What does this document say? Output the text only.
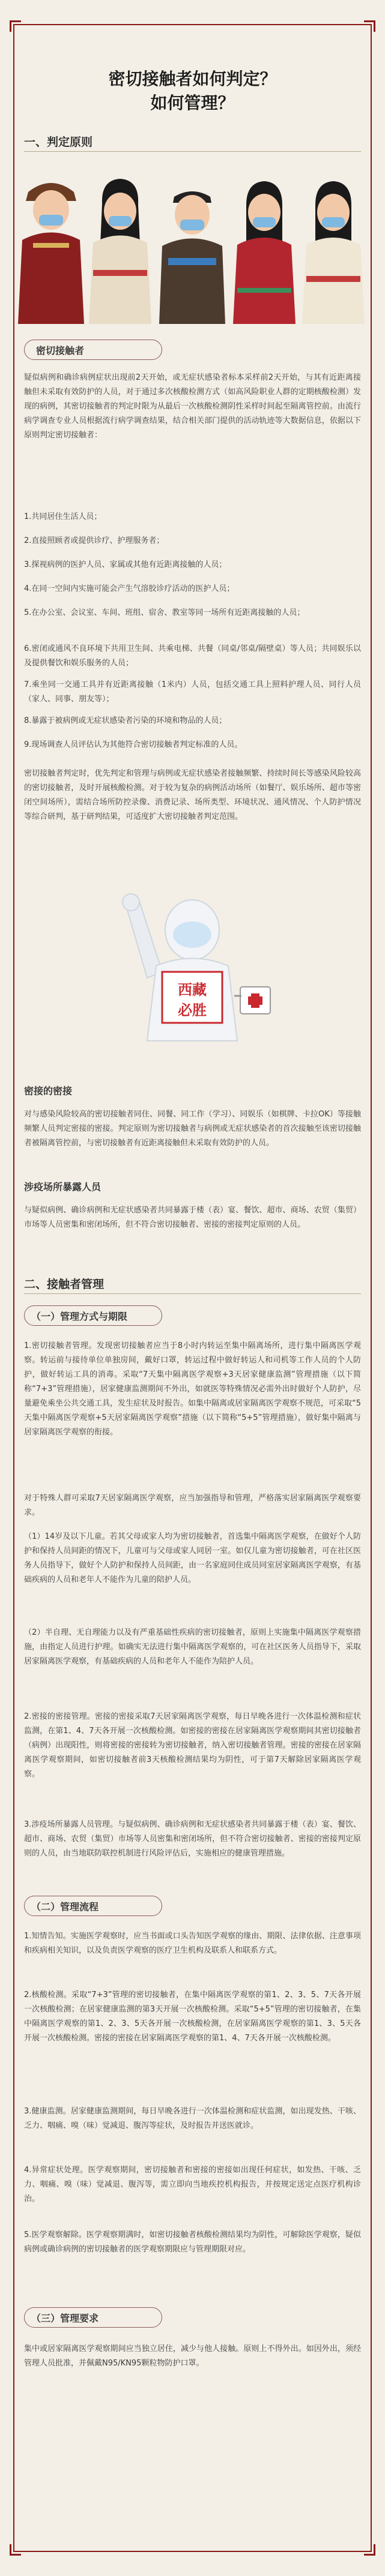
密切接触者如何判定？
如何管理？
一、判定原则
密切接触者

疑似病例和确诊病例症状出现前2天开始，或无症状感染者标本采样前2天开始，与其有近距离接触但未采取有效防护的人员，对于通过多次核酸检测方式（如高风险职业人群的定期核酸检测）发现的病例，其密切接触者的判定时限为从最后一次核酸检测阴性采样时间起至隔离管控前。由流行病学调查专业人员根据流行病学调查结果，结合相关部门提供的活动轨迹等大数据信息，依据以下原则判定密切接触者：

1.共同居住生活人员；

2.直接照顾者或提供诊疗、护理服务者；

3.探视病例的医护人员、家属或其他有近距离接触的人员；

4.在同一空间内实施可能会产生气溶胶诊疗活动的医护人员；

5.在办公室、会议室、车间、班组、宿舍、教室等同一场所有近距离接触的人员；

6.密闭或通风不良环境下共用卫生间、共乘电梯、共餐（同桌/邻桌/隔壁桌）等人员；共同娱乐以及提供餐饮和娱乐服务的人员；

7.乘坐同一交通工具并有近距离接触（1米内）人员，包括交通工具上照料护理人员、同行人员（家人、同事、朋友等）；

8.暴露于被病例或无症状感染者污染的环境和物品的人员；

9.现场调查人员评估认为其他符合密切接触者判定标准的人员。

密切接触者判定时，优先判定和管理与病例或无症状感染者接触频繁、持续时间长等感染风险较高的密切接触者，及时开展核酸检测。对于较为复杂的病例活动场所（如餐厅、娱乐场所、超市等密闭空间场所），需结合场所防控录像、消费记录、场所类型、环境状况、通风情况、个人防护情况等综合研判，基于研判结果，可适度扩大密切接触者判定范围。

西藏
必胜
密接的密接

对与感染风险较高的密切接触者同住、同餐、同工作（学习）、同娱乐（如棋牌、卡拉OK）等接触频繁人员判定密接的密接。判定原则为密切接触者与病例或无症状感染者的首次接触至该密切接触者被隔离管控前，与密切接触者有近距离接触但未采取有效防护的人员。

涉疫场所暴露人员

与疑似病例、确诊病例和无症状感染者共同暴露于楼（表）宴、餐饮、超市、商场、农贸（集贸）市场等人员密集和密闭场所，但不符合密切接触者、密接的密接判定原则的人员。

二、接触者管理
（一）管理方式与期限

1.密切接触者管理。发现密切接触者应当于8小时内转运至集中隔离场所，进行集中隔离医学观察。转运前与接待单位单独房间，戴好口罩，转运过程中做好转运人和司机等工作人员的个人防护，做好转运工具的消毒。采取“7天集中隔离医学观察+3天居家健康监测”管理措施（以下简称“7+3”管理措施），居家健康监测期间不外出，如就医等特殊情况必需外出时做好个人防护，尽量避免乘坐公共交通工具，发生症状及时报告。如集中隔离或居家隔离医学观察不规范，可采取“5天集中隔离医学观察+5天居家隔离医学观察”措施（以下简称“5+5”管理措施），做好集中隔离与居家隔离医学观察的衔接。

对于特殊人群可采取7天居家隔离医学观察，应当加强指导和管理，严格落实居家隔离医学观察要求。

（1）14岁及以下儿童。若其父母或家人均为密切接触者，首选集中隔离医学观察，在做好个人防护和保持人员间距的情况下，儿童可与父母或家人同居一室。如仅儿童为密切接触者，可在社区医务人员指导下，做好个人防护和保持人员间距，由一名家庭同住成员同室居家隔离医学观察，有基础疾病的人员和老年人不能作为儿童的陪护人员。

（2）半自理、无自理能力以及有严重基础性疾病的密切接触者，原则上实施集中隔离医学观察措施，由指定人员进行护理。如确实无法进行集中隔离医学观察的，可在社区医务人员指导下，采取居家隔离医学观察，有基础疾病的人员和老年人不能作为陪护人员。

2.密接的密接管理。密接的密接采取7天居家隔离医学观察，每日早晚各进行一次体温检测和症状监测，在第1、4、7天各开展一次核酸检测。如密接的密接在居家隔离医学观察期间其密切接触者（病例）出现阳性，则将密接的密接转为密切接触者，纳入密切接触者管理。密接的密接在居家隔离医学观察期间，如密切接触者前3天核酸检测结果均为阴性，可于第7天解除居家隔离医学观察。

3.涉疫场所暴露人员管理。与疑似病例、确诊病例和无症状感染者共同暴露于楼（表）宴、餐饮、超市、商场、农贸（集贸）市场等人员密集和密闭场所，但不符合密切接触者、密接的密接判定原则的人员，由当地联防联控机制进行风险评估后，实施相应的健康管理措施。

（二）管理流程

1.知情告知。实施医学观察时，应当书面或口头告知医学观察的缘由、期限、法律依据、注意事项和疾病相关知识，以及负责医学观察的医疗卫生机构及联系人和联系方式。

2.核酸检测。采取“7+3”管理的密切接触者，在集中隔离医学观察的第1、2、3、5、7天各开展一次核酸检测；在居家健康监测的第3天开展一次核酸检测。采取“5+5”管理的密切接触者，在集中隔离医学观察的第1、2、3、5天各开展一次核酸检测，在居家隔离医学观察的第1、3、5天各开展一次核酸检测。密接的密接在居家隔离医学观察的第1、4、7天各开展一次核酸检测。

3.健康监测。居家健康监测期间，每日早晚各进行一次体温检测和症状监测，如出现发热、干咳、乏力、咽痛、嗅（味）觉减退、腹泻等症状，及时报告并送医就诊。

4.异常症状处理。医学观察期间，密切接触者和密接的密接如出现任何症状，如发热、干咳、乏力、咽痛、嗅（味）觉减退、腹泻等，需立即向当地疾控机构报告，并按规定送定点医疗机构诊治。

5.医学观察解除。医学观察期满时，如密切接触者核酸检测结果均为阴性，可解除医学观察，疑似病例或确诊病例的密切接触者的医学观察期限应与管理期限对应。

（三）管理要求

集中或居家隔离医学观察期间应当独立居住，减少与他人接触。原则上不得外出。如因外出，须经管理人员批准，并佩戴N95/KN95颗粒物防护口罩。
